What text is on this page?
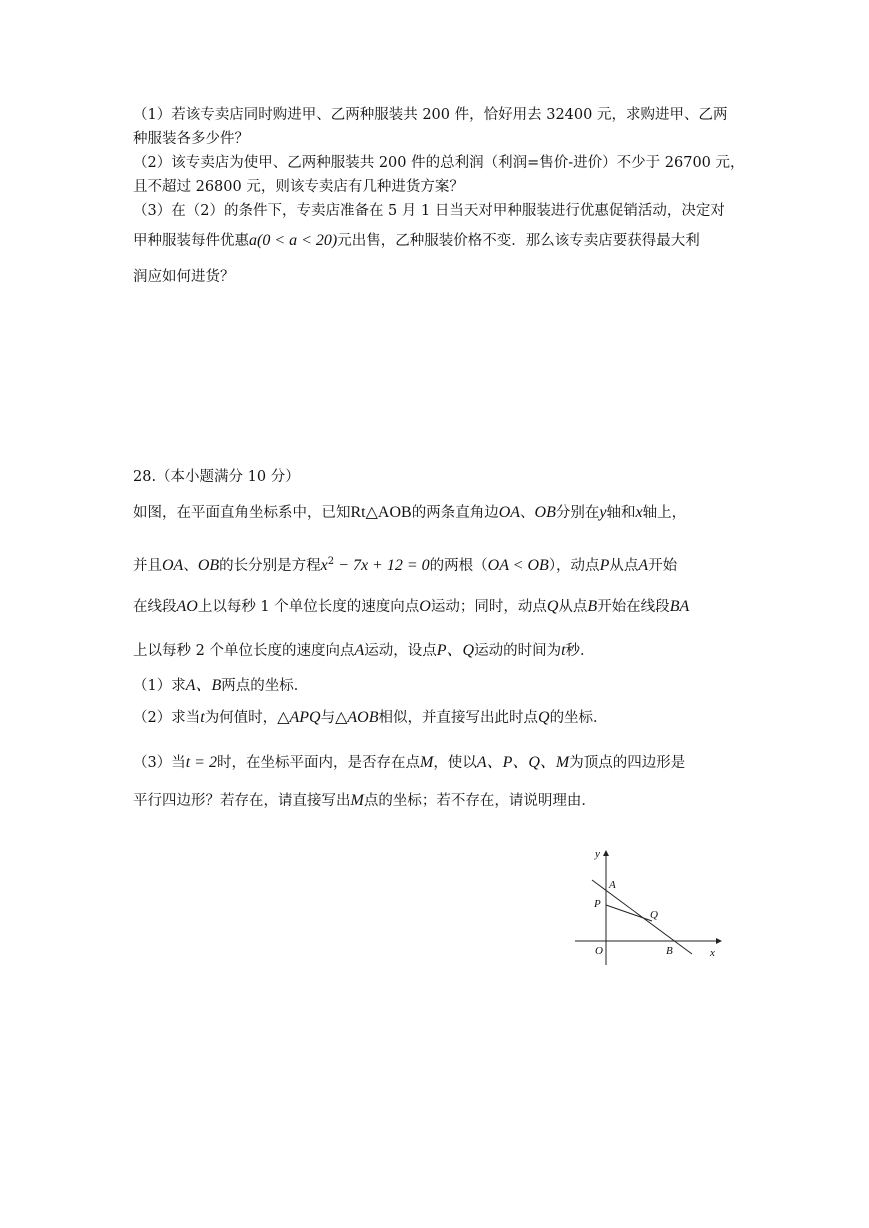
（1）若该专卖店同时购进甲、乙两种服装共 200 件，恰好用去 32400 元，求购进甲、乙两
种服装各多少件？
（2）该专卖店为使甲、乙两种服装共 200 件的总利润（利润=售价-进价）不少于 26700 元，
且不超过 26800 元，则该专卖店有几种进货方案？
（3）在（2）的条件下，专卖店准备在 5 月 1 日当天对甲种服装进行优惠促销活动，决定对
甲种服装每件优惠a(0 < a < 20)元出售，乙种服装价格不变．那么该专卖店要获得最大利
润应如何进货？
28.（本小题满分 10 分）
如图，在平面直角坐标系中，已知Rt△AOB的两条直角边OA、OB分别在y轴和x轴上，
并且OA、OB的长分别是方程$x^2 - 7x + 12 = 0$的两根（OA < OB），动点P从点A开始
在线段AO上以每秒 1 个单位长度的速度向点O运动；同时，动点Q从点B开始在线段BA
上以每秒 2 个单位长度的速度向点A运动，设点P、Q运动的时间为t秒．
（1）求A、B两点的坐标．
（2）求当t为何值时，△APQ与△AOB相似，并直接写出此时点Q的坐标．
（3）当t = 2时，在坐标平面内，是否存在点M，使以A、P、Q、M为顶点的四边形是
平行四边形？若存在，请直接写出M点的坐标；若不存在，请说明理由．
y
x
O
A
P
Q
B
